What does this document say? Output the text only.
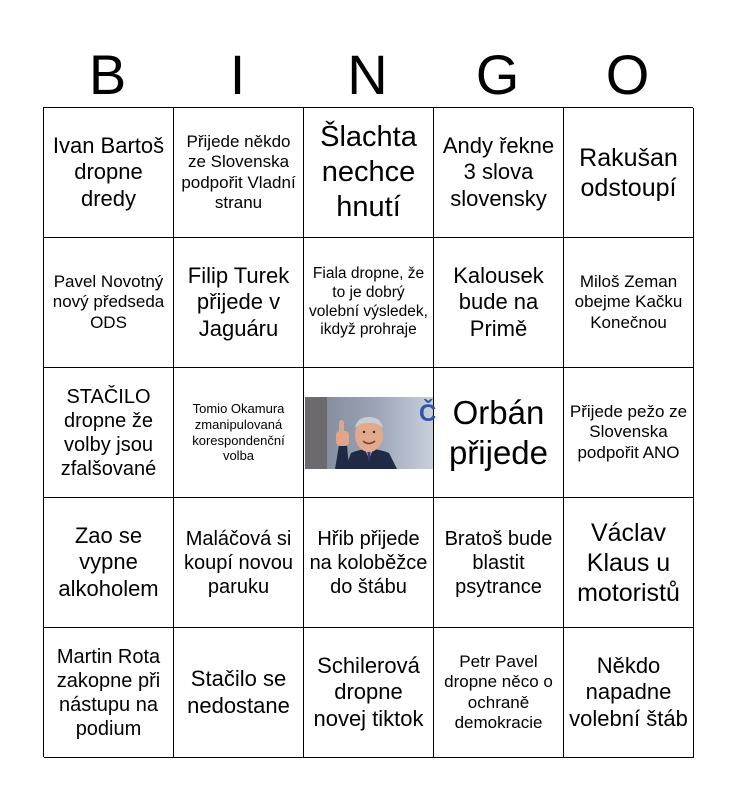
B	I	N	G	O
Ivan Bartoš dropne dredy
Přijede někdo ze Slovenska podpořit Vladní stranu
Šlachta nechce hnutí
Andy řekne 3 slova slovensky
Rakušan odstoupí
Pavel Novotný nový předseda ODS
Filip Turek přijede v Jaguáru
Fiala dropne, že to je dobrý volební výsledek, ikdyž prohraje
Kalousek bude na Primě
Miloš Zeman obejme Kačku Konečnou
STAČILO dropne že volby jsou zfalšované
Tomio Okamura zmanipulovaná korespondenční volba
Č Orbán přijede
Přijede pežo ze Slovenska podpořit ANO
Zao se vypne alkoholem
Maláčová si koupí novou paruku
Hřib přijede na koloběžce do štábu
Bratoš bude blastit psytrance
Václav Klaus u motoristů
Martin Rota zakopne při nástupu na podium
Stačilo se nedostane
Schilerová dropne novej tiktok
Petr Pavel dropne něco o ochraně demokracie
Někdo napadne volební štáb
